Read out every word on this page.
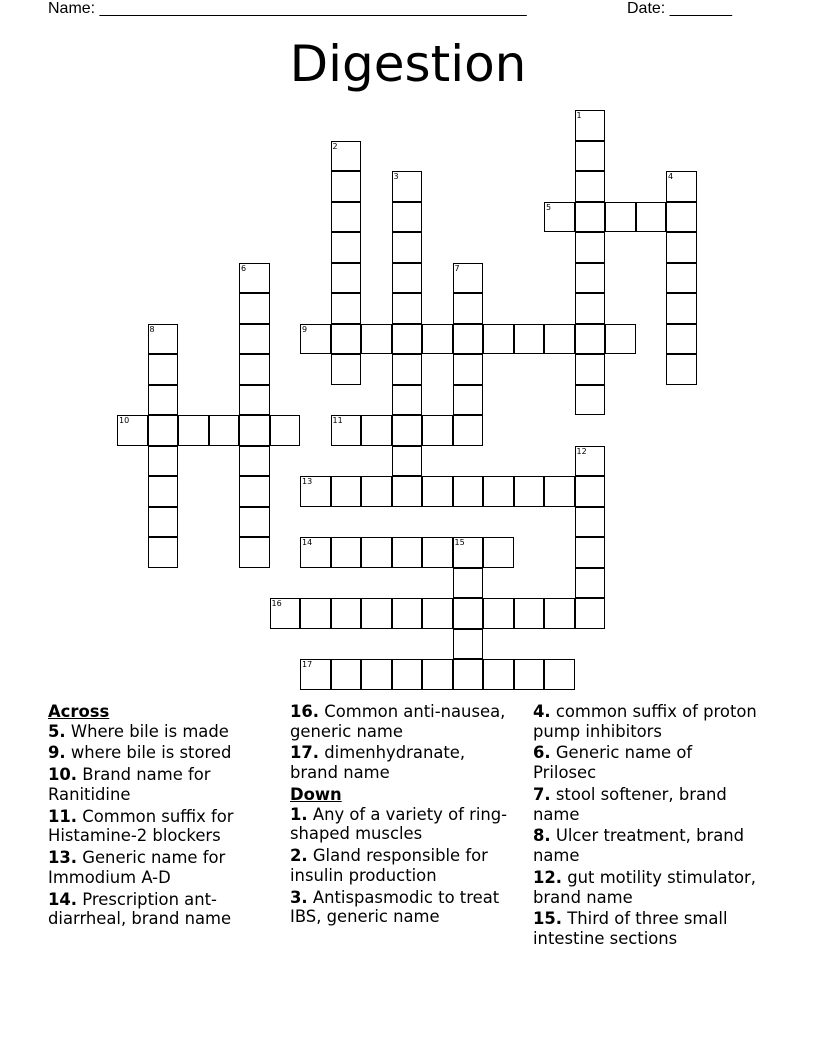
Name: ________________________________________________	Date: _______
Digestion
1
2
3	4
5
6	7
8	9
10	11
12
13
14	15
16
17
Across
5. Where bile is made
9. where bile is stored
10. Brand name for Ranitidine
11. Common suffix for Histamine-2 blockers
13. Generic name for Immodium A-D
14. Prescription ant-diarrheal, brand name
16. Common anti-nausea, generic name
17. dimenhydranate, brand name
Down
1. Any of a variety of ring-shaped muscles
2. Gland responsible for insulin production
3. Antispasmodic to treat IBS, generic name
4. common suffix of proton pump inhibitors
6. Generic name of Prilosec
7. stool softener, brand name
8. Ulcer treatment, brand name
12. gut motility stimulator, brand name
15. Third of three small intestine sections
